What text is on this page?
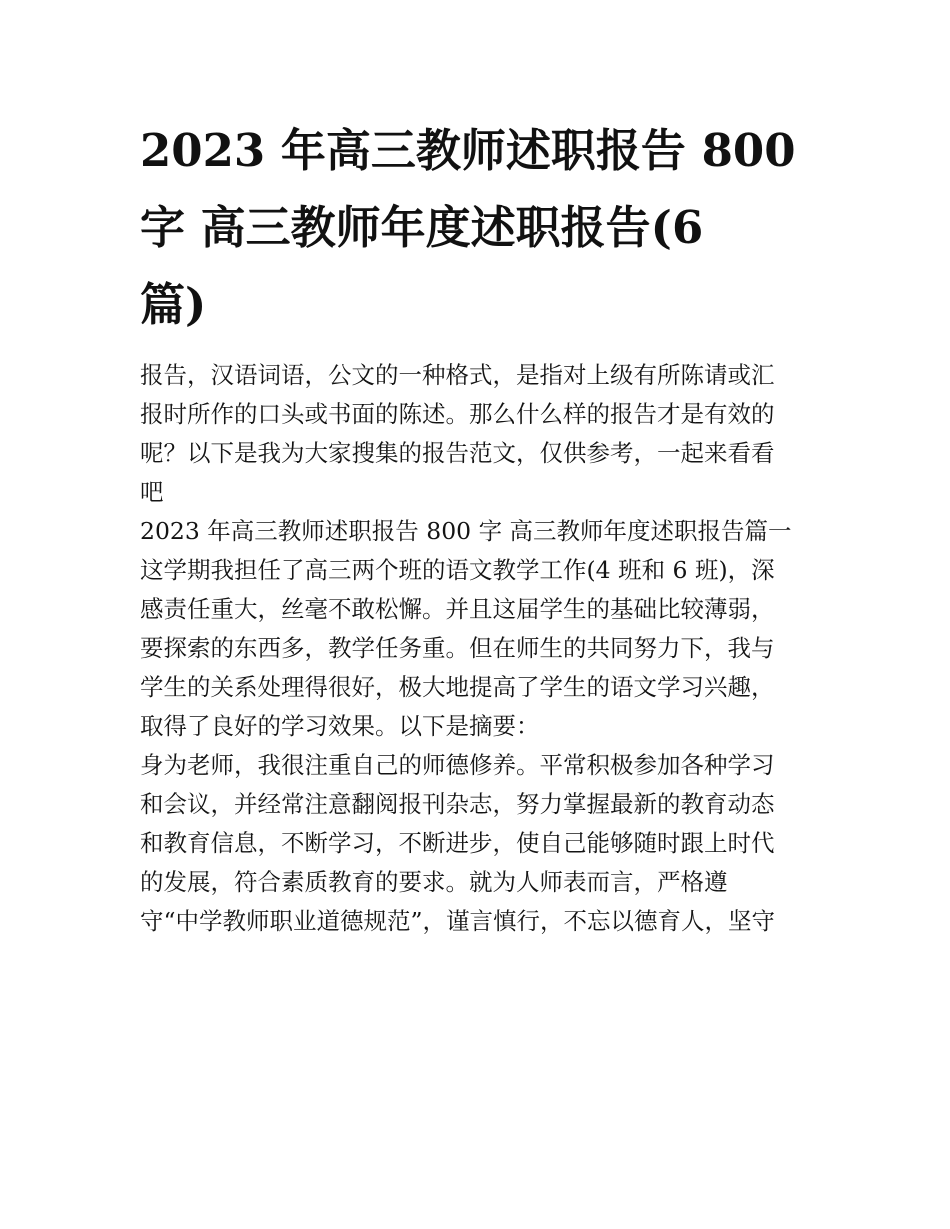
2023 年高三教师述职报告 800
字 高三教师年度述职报告(6
篇)

报告，汉语词语，公文的一种格式，是指对上级有所陈请或汇

报时所作的口头或书面的陈述。那么什么样的报告才是有效的

呢？以下是我为大家搜集的报告范文，仅供参考，一起来看看

吧

2023 年高三教师述职报告 800 字 高三教师年度述职报告篇一

这学期我担任了高三两个班的语文教学工作(4 班和 6 班)，深

感责任重大，丝毫不敢松懈。并且这届学生的基础比较薄弱，

要探索的东西多，教学任务重。但在师生的共同努力下，我与

学生的关系处理得很好，极大地提高了学生的语文学习兴趣，

取得了良好的学习效果。以下是摘要：

身为老师，我很注重自己的师德修养。平常积极参加各种学习

和会议，并经常注意翻阅报刊杂志，努力掌握最新的教育动态

和教育信息，不断学习，不断进步，使自己能够随时跟上时代

的发展，符合素质教育的要求。就为人师表而言，严格遵

守“中学教师职业道德规范”，谨言慎行，不忘以德育人，坚守
